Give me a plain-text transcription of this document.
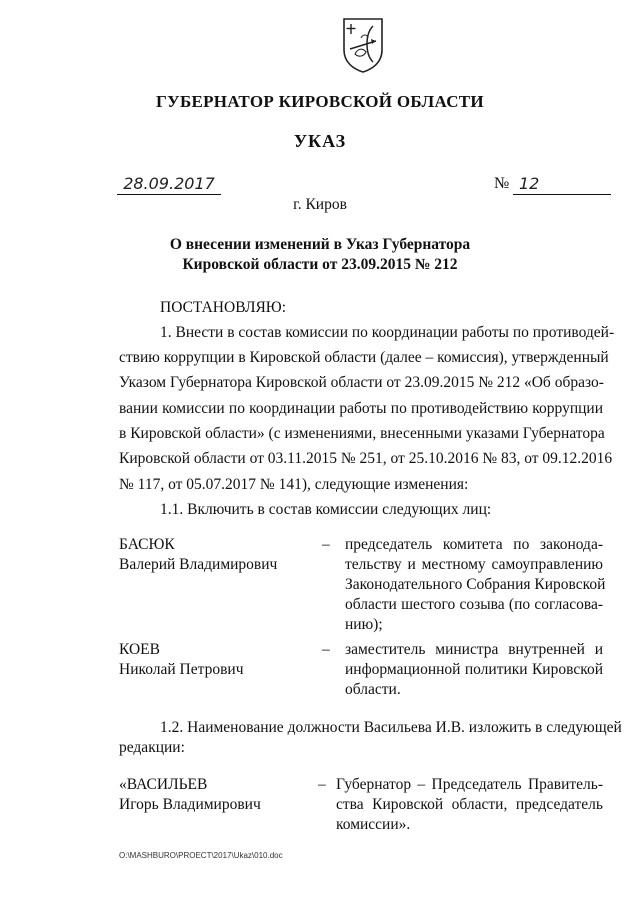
ГУБЕРНАТОР КИРОВСКОЙ ОБЛАСТИ
УКАЗ
28.09.2017	№ 12
г. Киров
О внесении изменений в Указ Губернатора
Кировской области от 23.09.2015 № 212
ПОСТАНОВЛЯЮ:
1. Внести в состав комиссии по координации работы по противодей-
ствию коррупции в Кировской области (далее – комиссия), утвержденный
Указом Губернатора Кировской области от 23.09.2015 № 212 «Об образо-
вании комиссии по координации работы по противодействию коррупции
в Кировской области» (с изменениями, внесенными указами Губернатора
Кировской области от 03.11.2015 № 251, от 25.10.2016 № 83, от 09.12.2016
№ 117, от 05.07.2017 № 141), следующие изменения:
1.1. Включить в состав комиссии следующих лиц:
БАСЮК
Валерий Владимирович
– председатель комитета по законода-
тельству и местному самоуправлению
Законодательного Собрания Кировской
области шестого созыва (по согласова-
нию);
КОЕВ
Николай Петрович
– заместитель министра внутренней и
информационной политики Кировской
области.
1.2. Наименование должности Васильева И.В. изложить в следующей
редакции:
«ВАСИЛЬЕВ
Игорь Владимирович
– Губернатор – Председатель Правитель-
ства Кировской области, председатель
комиссии».
O:\MASHBURO\PROECT\2017\Ukaz\010.doc
